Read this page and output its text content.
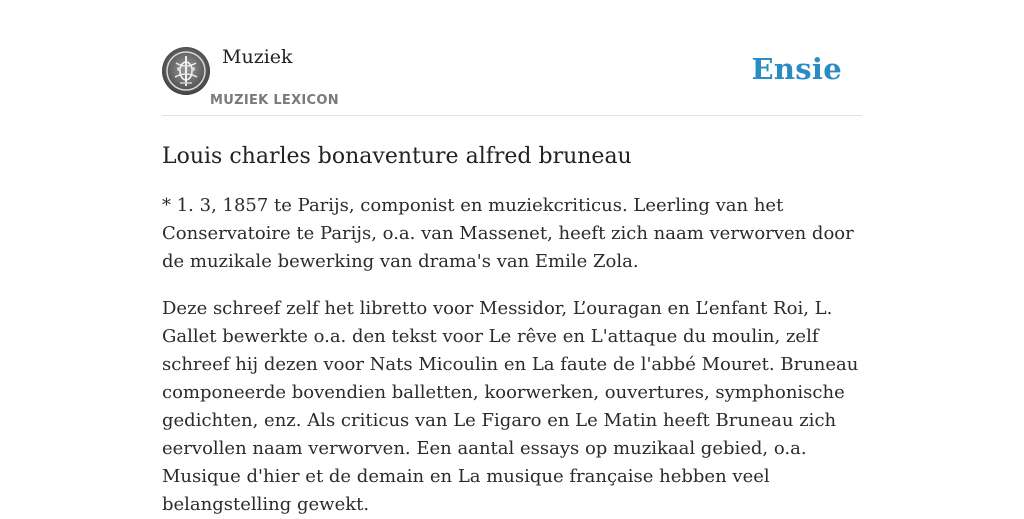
Muziek
MUZIEK LEXICON
Ensie
Louis charles bonaventure alfred bruneau

* 1. 3, 1857 te Parijs, componist en muziekcriticus. Leerling van het Conservatoire te Parijs, o.a. van Massenet, heeft zich naam verworven door de muzikale bewerking van drama's van Emile Zola.

Deze schreef zelf het libretto voor Messidor, L’ouragan en L’enfant Roi, L. Gallet bewerkte o.a. den tekst voor Le rêve en L'attaque du moulin, zelf schreef hij dezen voor Nats Micoulin en La faute de l'abbé Mouret. Bruneau componeerde bovendien balletten, koorwerken, ouvertures, symphonische gedichten, enz. Als criticus van Le Figaro en Le Matin heeft Bruneau zich eervollen naam verworven. Een aantal essays op muzikaal gebied, o.a. Musique d'hier et de demain en La musique française hebben veel belangstelling gewekt.
